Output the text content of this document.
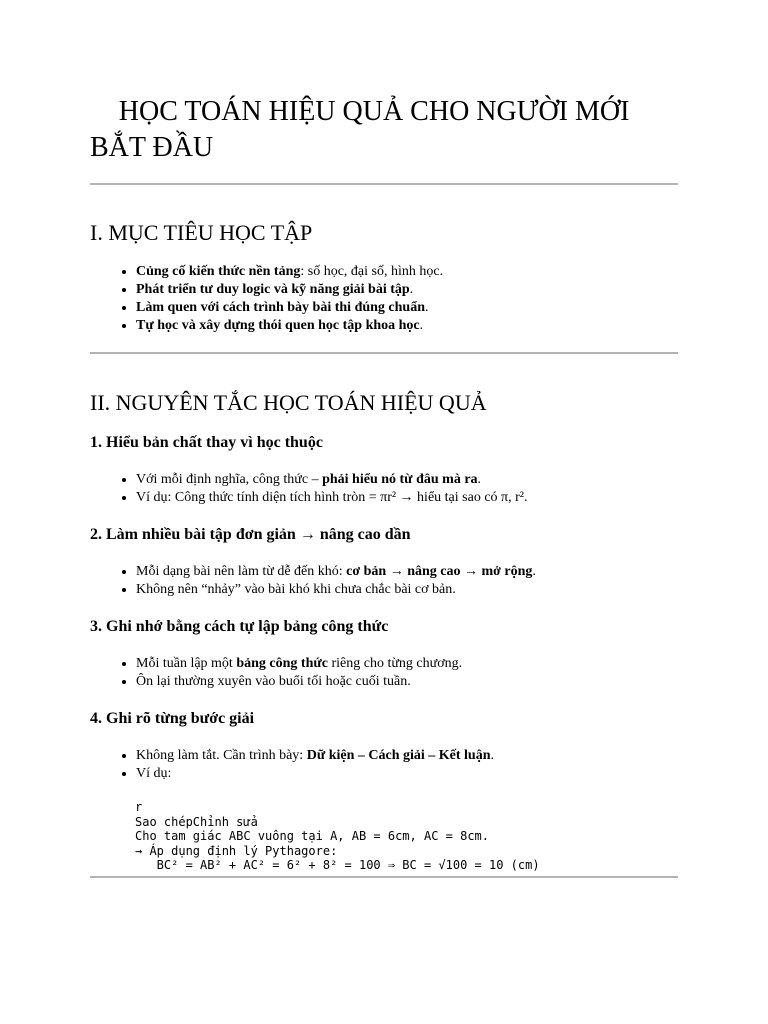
  HỌC TOÁN HIỆU QUẢ CHO NGƯỜI MỚI BẮT ĐẦU
I. MỤC TIÊU HỌC TẬP
• Củng cố kiến thức nền tảng: số học, đại số, hình học.
• Phát triển tư duy logic và kỹ năng giải bài tập.
• Làm quen với cách trình bày bài thi đúng chuẩn.
• Tự học và xây dựng thói quen học tập khoa học.
II. NGUYÊN TẮC HỌC TOÁN HIỆU QUẢ
1. Hiểu bản chất thay vì học thuộc
• Với mỗi định nghĩa, công thức – phải hiểu nó từ đâu mà ra.
• Ví dụ: Công thức tính diện tích hình tròn = πr² → hiểu tại sao có π, r².
2. Làm nhiều bài tập đơn giản → nâng cao dần
• Mỗi dạng bài nên làm từ dễ đến khó: cơ bản → nâng cao → mở rộng.
• Không nên “nhảy” vào bài khó khi chưa chắc bài cơ bản.
3. Ghi nhớ bằng cách tự lập bảng công thức
• Mỗi tuần lập một bảng công thức riêng cho từng chương.
• Ôn lại thường xuyên vào buổi tối hoặc cuối tuần.
4. Ghi rõ từng bước giải
• Không làm tắt. Cần trình bày: Dữ kiện – Cách giải – Kết luận.
• Ví dụ:
r
Sao chépChỉnh sửa
Cho tam giác ABC vuông tại A, AB = 6cm, AC = 8cm.
→ Áp dụng định lý Pythagore:
BC² = AB² + AC² = 6² + 8² = 100 ⇒ BC = √100 = 10 (cm)
